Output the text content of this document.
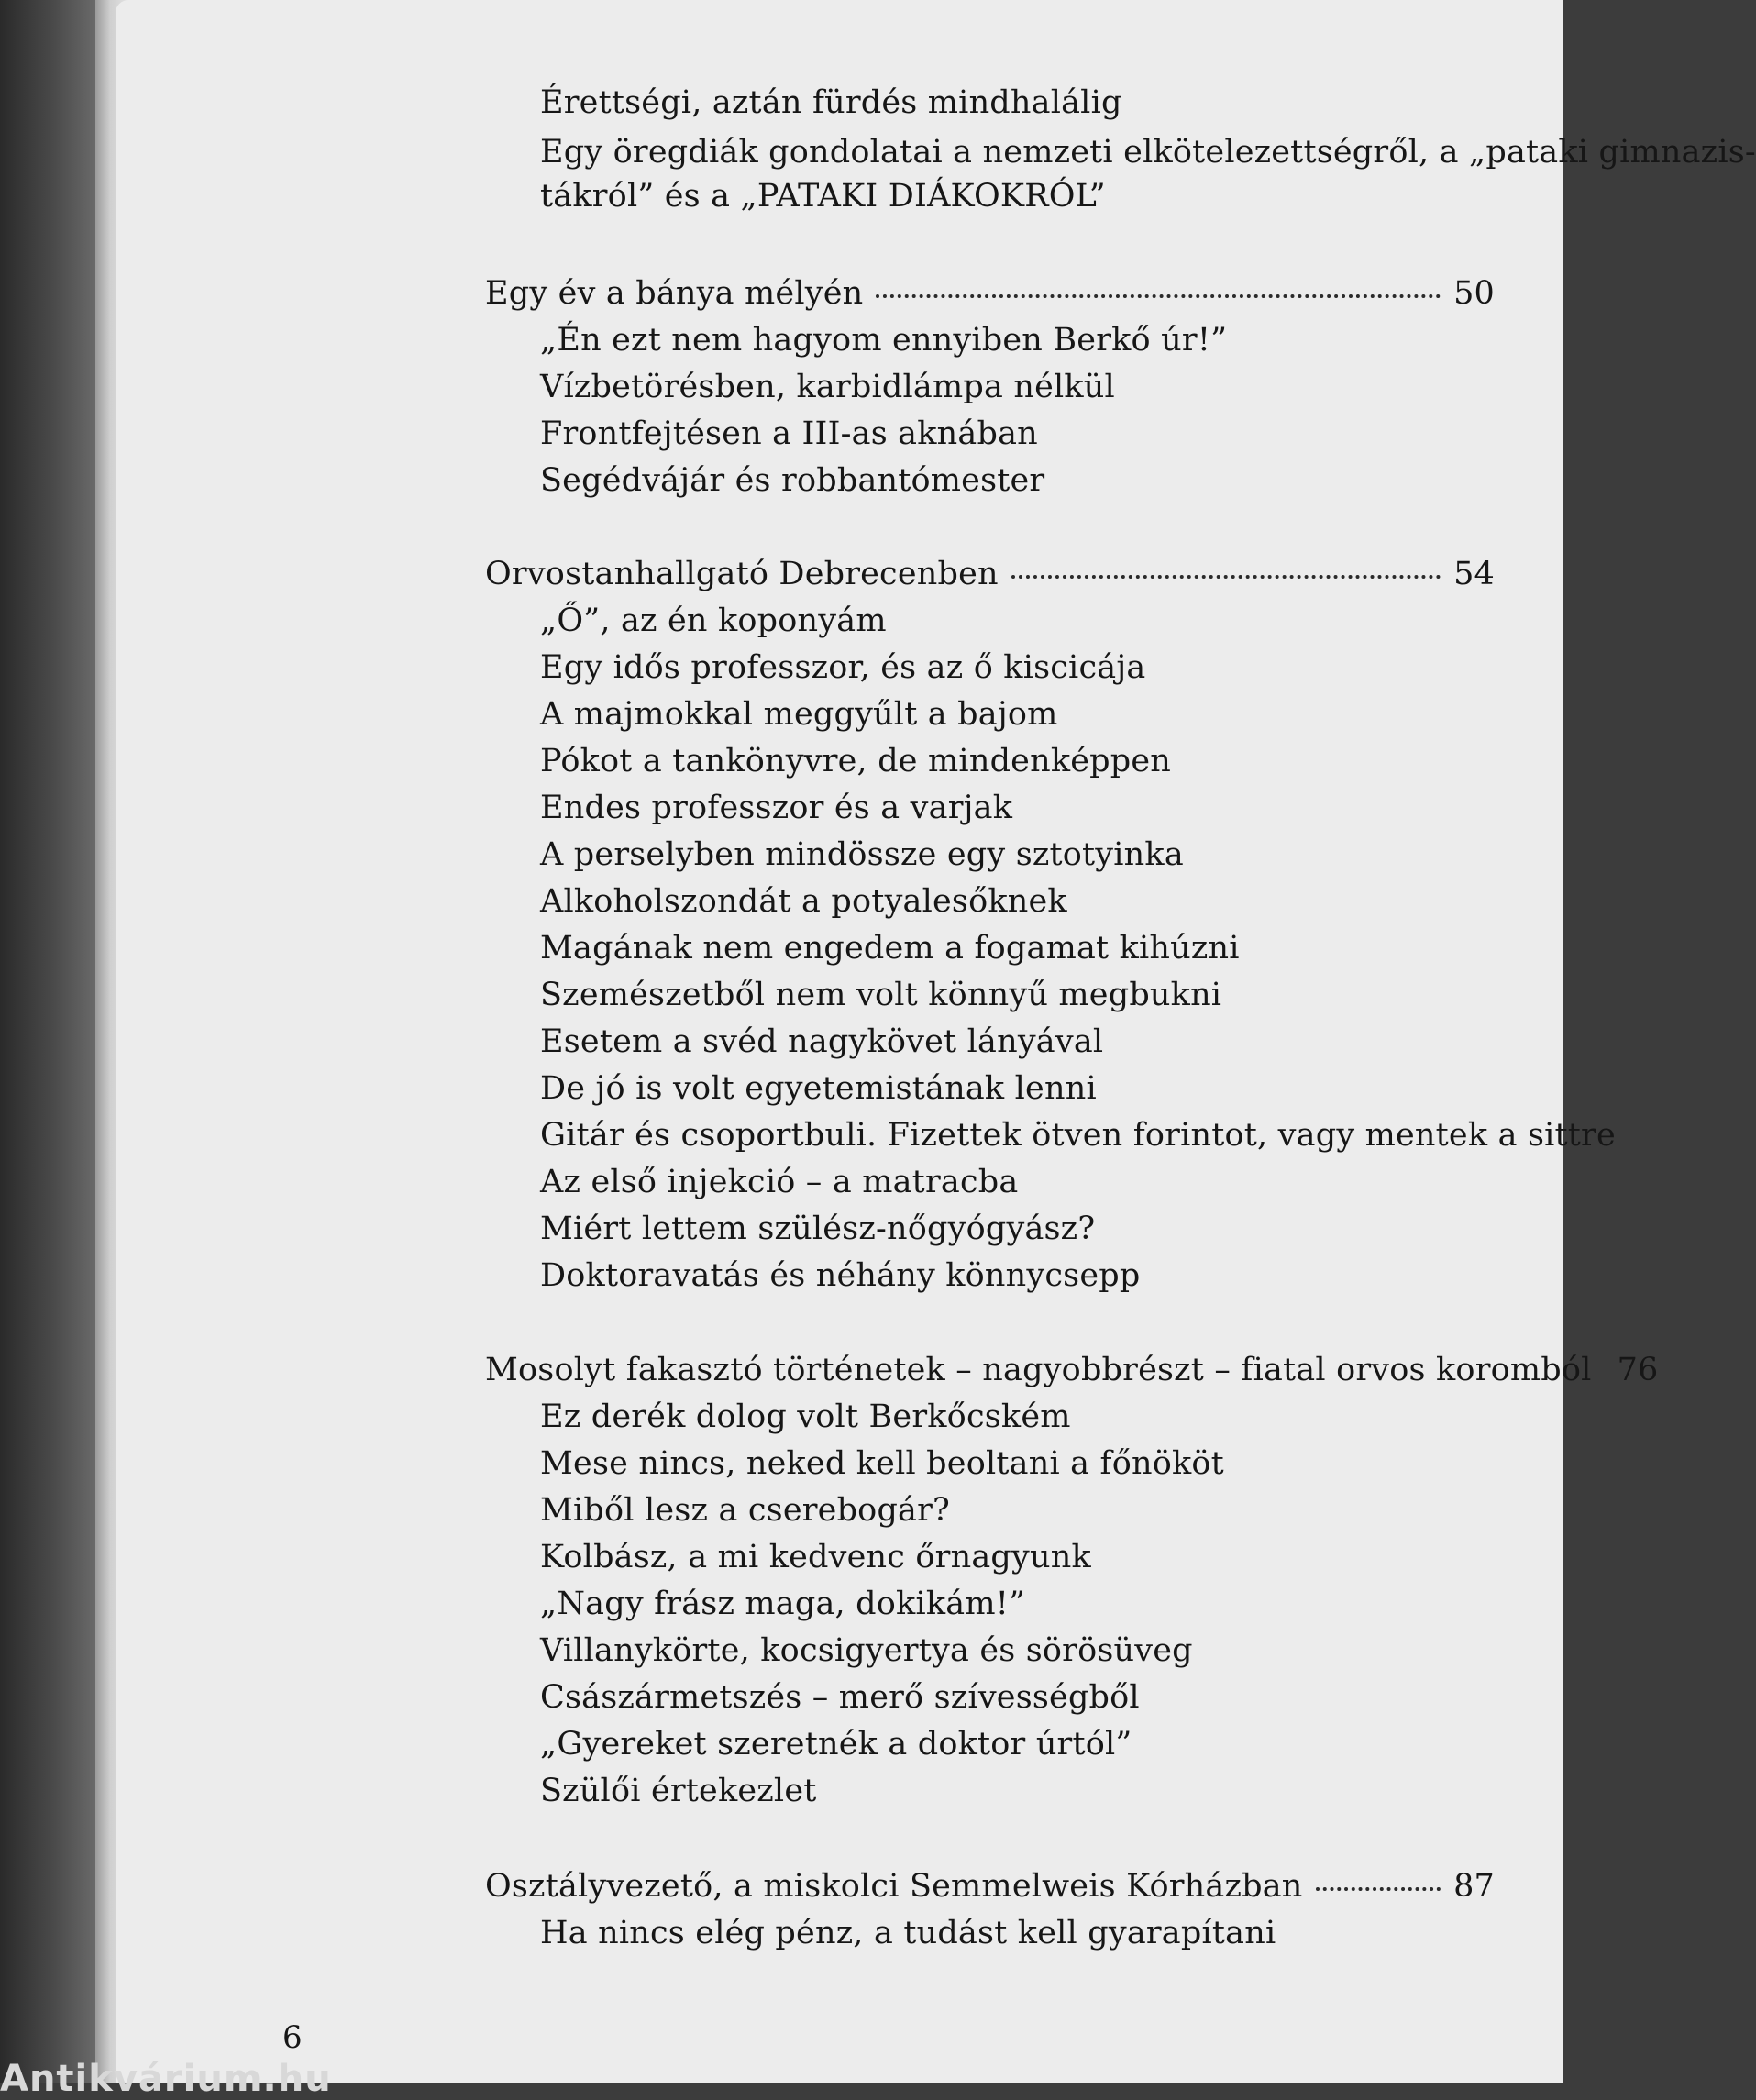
Érettségi, aztán fürdés mindhalálig
Egy öregdiák gondolatai a nemzeti elkötelezettségről, a „pataki gimnazis-
tákról” és a „PATAKI DIÁKOKRÓL”
Egy év a bánya mélyén	50
„Én ezt nem hagyom ennyiben Berkő úr!”
Vízbetörésben, karbidlámpa nélkül
Frontfejtésen a III-as aknában
Segédvájár és robbantómester
Orvostanhallgató Debrecenben	54
„Ő”, az én koponyám
Egy idős professzor, és az ő kiscicája
A majmokkal meggyűlt a bajom
Pókot a tankönyvre, de mindenképpen
Endes professzor és a varjak
A perselyben mindössze egy sztotyinka
Alkoholszondát a potyalesőknek
Magának nem engedem a fogamat kihúzni
Szemészetből nem volt könnyű megbukni
Esetem a svéd nagykövet lányával
De jó is volt egyetemistának lenni
Gitár és csoportbuli. Fizettek ötven forintot, vagy mentek a sittre
Az első injekció – a matracba
Miért lettem szülész-nőgyógyász?
Doktoravatás és néhány könnycsepp
Mosolyt fakasztó történetek – nagyobbrészt – fiatal orvos koromból 76
Ez derék dolog volt Berkőcském
Mese nincs, neked kell beoltani a főnököt
Miből lesz a cserebogár?
Kolbász, a mi kedvenc őrnagyunk
„Nagy frász maga, dokikám!”
Villanykörte, kocsigyertya és sörösüveg
Császármetszés – merő szívességből
„Gyereket szeretnék a doktor úrtól”
Szülői értekezlet
Osztályvezető, a miskolci Semmelweis Kórházban	87
Ha nincs elég pénz, a tudást kell gyarapítani
6
Antikvárium.hu
